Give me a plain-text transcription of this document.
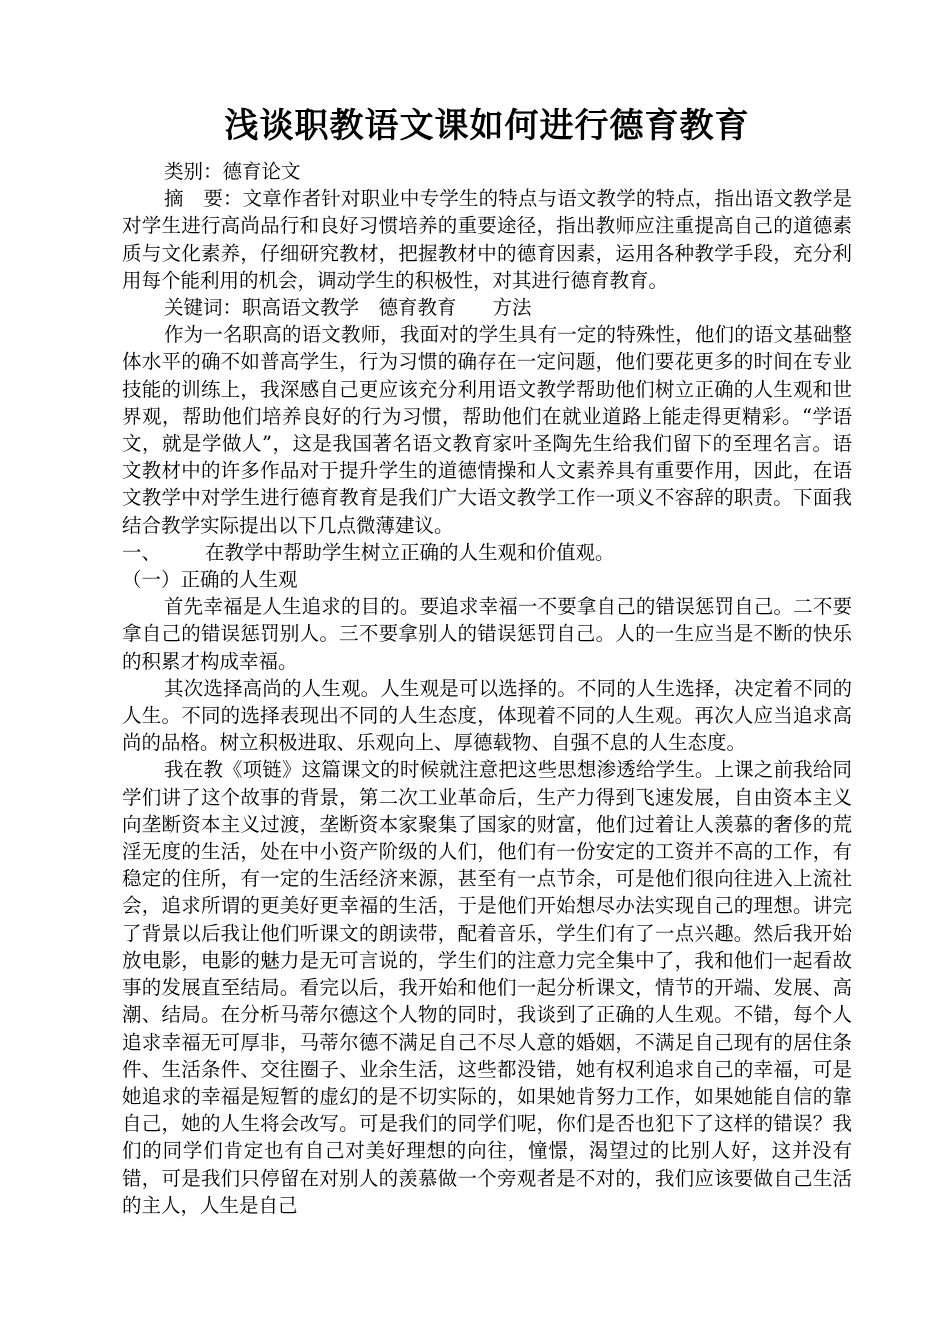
浅谈职教语文课如何进行德育教育

类别：德育论文

摘　要：文章作者针对职业中专学生的特点与语文教学的特点，指出语文教学是对学生进行高尚品行和良好习惯培养的重要途径，指出教师应注重提高自己的道德素质与文化素养，仔细研究教材，把握教材中的德育因素，运用各种教学手段，充分利用每个能利用的机会，调动学生的积极性，对其进行德育教育。

关键词：职高语文教学　德育教育 方法

作为一名职高的语文教师，我面对的学生具有一定的特殊性，他们的语文基础整体水平的确不如普高学生，行为习惯的确存在一定问题，他们要花更多的时间在专业技能的训练上，我深感自己更应该充分利用语文教学帮助他们树立正确的人生观和世界观，帮助他们培养良好的行为习惯，帮助他们在就业道路上能走得更精彩。“学语文，就是学做人”，这是我国著名语文教育家叶圣陶先生给我们留下的至理名言。语文教材中的许多作品对于提升学生的道德情操和人文素养具有重要作用，因此，在语文教学中对学生进行德育教育是我们广大语文教学工作一项义不容辞的职责。下面我结合教学实际提出以下几点微薄建议。

一、 在教学中帮助学生树立正确的人生观和价值观。

（一）正确的人生观

首先幸福是人生追求的目的。要追求幸福一不要拿自己的错误惩罚自己。二不要拿自己的错误惩罚别人。三不要拿别人的错误惩罚自己。人的一生应当是不断的快乐的积累才构成幸福。

其次选择高尚的人生观。人生观是可以选择的。不同的人生选择，决定着不同的人生。不同的选择表现出不同的人生态度，体现着不同的人生观。再次人应当追求高尚的品格。树立积极进取、乐观向上、厚德载物、自强不息的人生态度。

我在教《项链》这篇课文的时候就注意把这些思想渗透给学生。上课之前我给同学们讲了这个故事的背景，第二次工业革命后，生产力得到飞速发展，自由资本主义向垄断资本主义过渡，垄断资本家聚集了国家的财富，他们过着让人羡慕的奢侈的荒淫无度的生活，处在中小资产阶级的人们，他们有一份安定的工资并不高的工作，有稳定的住所，有一定的生活经济来源，甚至有一点节余，可是他们很向往进入上流社会，追求所谓的更美好更幸福的生活，于是他们开始想尽办法实现自己的理想。讲完了背景以后我让他们听课文的朗读带，配着音乐，学生们有了一点兴趣。然后我开始放电影，电影的魅力是无可言说的，学生们的注意力完全集中了，我和他们一起看故事的发展直至结局。看完以后，我开始和他们一起分析课文，情节的开端、发展、高潮、结局。在分析马蒂尔德这个人物的同时，我谈到了正确的人生观。不错，每个人追求幸福无可厚非，马蒂尔德不满足自己不尽人意的婚姻，不满足自己现有的居住条件、生活条件、交往圈子、业余生活，这些都没错，她有权利追求自己的幸福，可是她追求的幸福是短暂的虚幻的是不切实际的，如果她肯努力工作，如果她能自信的靠自己，她的人生将会改写。可是我们的同学们呢，你们是否也犯下了这样的错误？我们的同学们肯定也有自己对美好理想的向往，憧憬，渴望过的比别人好，这并没有错，可是我们只停留在对别人的羡慕做一个旁观者是不对的，我们应该要做自己生活的主人，人生是自己
